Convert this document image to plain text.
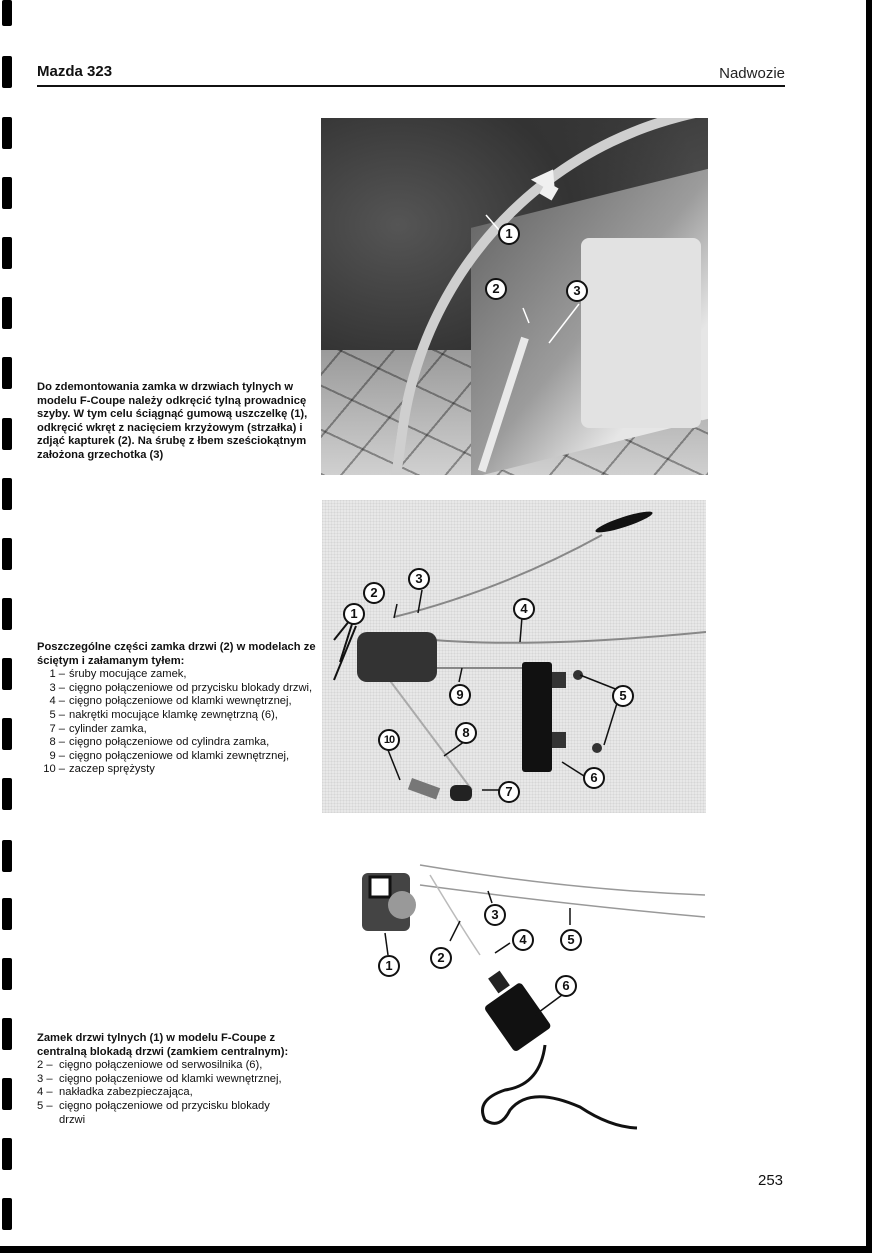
Mazda 323	Nadwozie
Do zdemontowania zamka w drzwiach tylnych w modelu F-Coupe należy odkręcić tylną prowadnicę szyby. W tym celu ściągnąć gumową uszczelkę (1), odkręcić wkręt z nacięciem krzyżowym (strzałka) i zdjąć kapturek (2). Na śrubę z łbem sześciokątnym założona grzechotka (3)
Poszczególne części zamka drzwi (2) w modelach ze ściętym i załamanym tyłem:
1 – śruby mocujące zamek,
3 – cięgno połączeniowe od przycisku blokady drzwi,
4 – cięgno połączeniowe od klamki wewnętrznej,
5 – nakrętki mocujące klamkę zewnętrzną (6),
7 – cylinder zamka,
8 – cięgno połączeniowe od cylindra zamka,
9 – cięgno połączeniowe od klamki zewnętrznej,
10 – zaczep sprężysty
Zamek drzwi tylnych (1) w modelu F-Coupe z centralną blokadą drzwi (zamkiem centralnym):
2 – cięgno połączeniowe od serwosilnika (6),
3 – cięgno połączeniowe od klamki wewnętrznej,
4 – nakładka zabezpieczająca,
5 – cięgno połączeniowe od przycisku blokady drzwi
1
2	3
1
2
3
4
5
6
7
8
9
10
1
2
3
4	5
6
253
